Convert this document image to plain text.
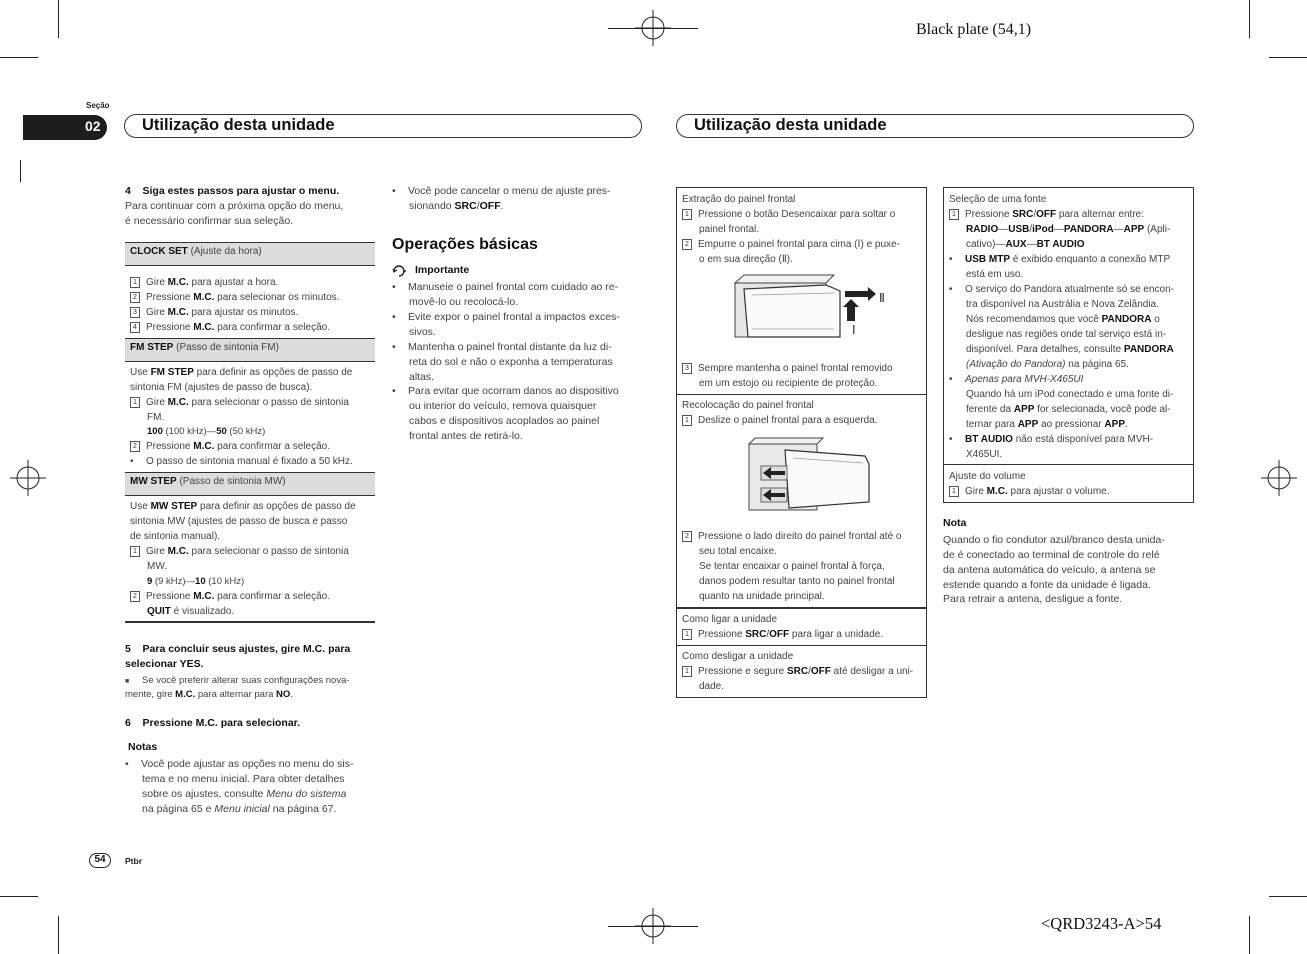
Black plate (54,1)
<QRD3243-A>54
Seção
02	Utilização desta unidade	Utilização desta unidade
4    Siga estes passos para ajustar o menu.
Para continuar com a próxima opção do menu,
é necessário confirmar sua seleção.
CLOCK SET (Ajuste da hora)
1 Gire M.C. para ajustar a hora.
2 Pressione M.C. para selecionar os minutos.
3 Gire M.C. para ajustar os minutos.
4 Pressione M.C. para confirmar a seleção.
FM STEP (Passo de sintonia FM)
Use FM STEP para definir as opções de passo de
sintonia FM (ajustes de passo de busca).
1 Gire M.C. para selecionar o passo de sintonia
FM.
100 (100 kHz)—50 (50 kHz)
2 Pressione M.C. para confirmar a seleção.
• O passo de sintonia manual é fixado a 50 kHz.
MW STEP (Passo de sintonia MW)
Use MW STEP para definir as opções de passo de
sintonia MW (ajustes de passo de busca e passo
de sintonia manual).
1 Gire M.C. para selecionar o passo de sintonia
MW.
9 (9 kHz)—10 (10 kHz)
2 Pressione M.C. para confirmar a seleção.
QUIT é visualizado.
5    Para concluir seus ajustes, gire M.C. para
selecionar YES.
■ Se você preferir alterar suas configurações nova-
mente, gire M.C. para alternar para NO.
6    Pressione M.C. para selecionar.
Notas
• Você pode ajustar as opções no menu do sis-
tema e no menu inicial. Para obter detalhes
sobre os ajustes, consulte Menu do sistema
na página 65 e Menu inicial na página 67.
54	Ptbr
• Você pode cancelar o menu de ajuste pres-
sionando SRC/OFF.
Operações básicas
Importante
• Manuseie o painel frontal com cuidado ao re-
movê-lo ou recolocá-lo.
• Evite expor o painel frontal a impactos exces-
sivos.
• Mantenha o painel frontal distante da luz di-
reta do sol e não o exponha a temperaturas
altas.
• Para evitar que ocorram danos ao dispositivo
ou interior do veículo, remova quaisquer
cabos e dispositivos acoplados ao painel
frontal antes de retirá-lo.
Extração do painel frontal
1 Pressione o botão Desencaixar para soltar o
painel frontal.
2 Empurre o painel frontal para cima (Ⅰ) e puxe-
o em sua direção (Ⅱ).
Ⅱ
Ⅰ
3 Sempre mantenha o painel frontal removido
em um estojo ou recipiente de proteção.
Recolocação do painel frontal
1 Deslize o painel frontal para a esquerda.
2 Pressione o lado direito do painel frontal até o
seu total encaixe.
Se tentar encaixar o painel frontal à força,
danos podem resultar tanto no painel frontal
quanto na unidade principal.
Como ligar a unidade
1 Pressione SRC/OFF para ligar a unidade.
Como desligar a unidade
1 Pressione e segure SRC/OFF até desligar a uni-
dade.
Seleção de uma fonte
1 Pressione SRC/OFF para alternar entre:
RADIO—USB/iPod—PANDORA—APP (Apli-
cativo)—AUX—BT AUDIO
• USB MTP é exibido enquanto a conexão MTP
está em uso.
• O serviço do Pandora atualmente só se encon-
tra disponível na Austrália e Nova Zelândia.
Nós recomendamos que você PANDORA o
desligue nas regiões onde tal serviço está in-
disponível. Para detalhes, consulte PANDORA
(Ativação do Pandora) na página 65.
• Apenas para MVH-X465UI
Quando há um iPod conectado e uma fonte di-
ferente da APP for selecionada, você pode al-
ternar para APP ao pressionar APP.
• BT AUDIO não está disponível para MVH-
X465UI.
Ajuste do volume
1 Gire M.C. para ajustar o volume.
Nota
Quando o fio condutor azul/branco desta unida-
de é conectado ao terminal de controle do relé
da antena automática do veículo, a antena se
estende quando a fonte da unidade é ligada.
Para retrair a antena, desligue a fonte.
